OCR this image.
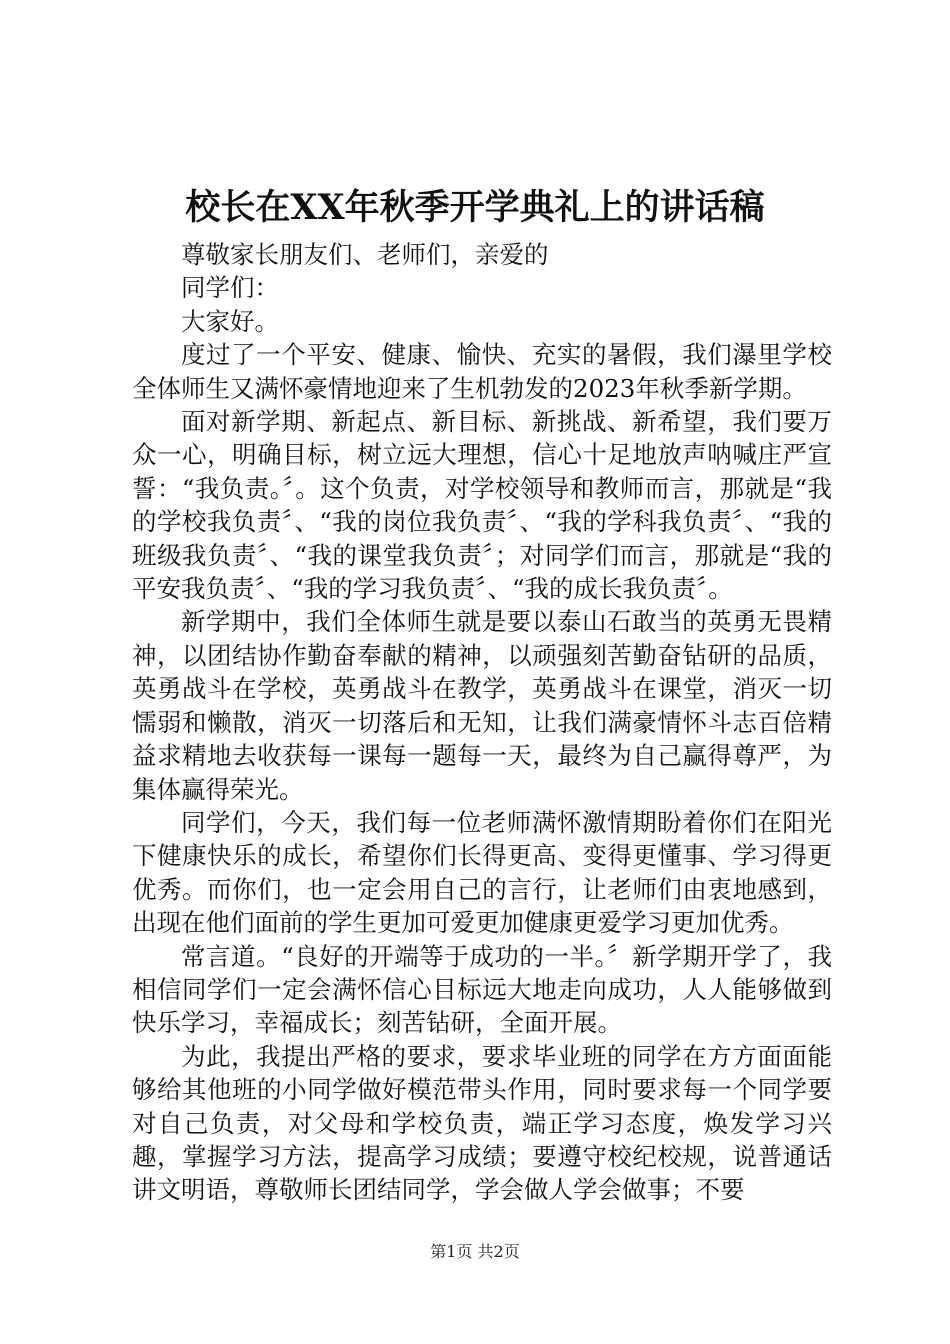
校长在XX年秋季开学典礼上的讲话稿

尊敬家长朋友们、老师们，亲爱的

同学们：

大家好。

度过了一个平安、健康、愉快、充实的暑假，我们瀑里学校全体师生又满怀豪情地迎来了生机勃发的2023年秋季新学期。

面对新学期、新起点、新目标、新挑战、新希望，我们要万众一心，明确目标，树立远大理想，信心十足地放声呐喊庄严宣誓：“我负责。〞。这个负责，对学校领导和教师而言，那就是“我的学校我负责〞、“我的岗位我负责〞、“我的学科我负责〞、“我的班级我负责〞、“我的课堂我负责〞；对同学们而言，那就是“我的平安我负责〞、“我的学习我负责〞、“我的成长我负责〞。

新学期中，我们全体师生就是要以泰山石敢当的英勇无畏精神，以团结协作勤奋奉献的精神，以顽强刻苦勤奋钻研的品质，英勇战斗在学校，英勇战斗在教学，英勇战斗在课堂，消灭一切懦弱和懒散，消灭一切落后和无知，让我们满豪情怀斗志百倍精益求精地去收获每一课每一题每一天，最终为自己赢得尊严，为集体赢得荣光。

同学们，今天，我们每一位老师满怀激情期盼着你们在阳光下健康快乐的成长，希望你们长得更高、变得更懂事、学习得更优秀。而你们，也一定会用自己的言行，让老师们由衷地感到，出现在他们面前的学生更加可爱更加健康更爱学习更加优秀。

常言道。“良好的开端等于成功的一半。〞新学期开学了，我相信同学们一定会满怀信心目标远大地走向成功，人人能够做到快乐学习，幸福成长；刻苦钻研，全面开展。

为此，我提出严格的要求，要求毕业班的同学在方方面面能够给其他班的小同学做好模范带头作用，同时要求每一个同学要对自己负责，对父母和学校负责，端正学习态度，焕发学习兴趣，掌握学习方法，提高学习成绩；要遵守校纪校规，说普通话讲文明语，尊敬师长团结同学，学会做人学会做事；不要

第1页 共2页
